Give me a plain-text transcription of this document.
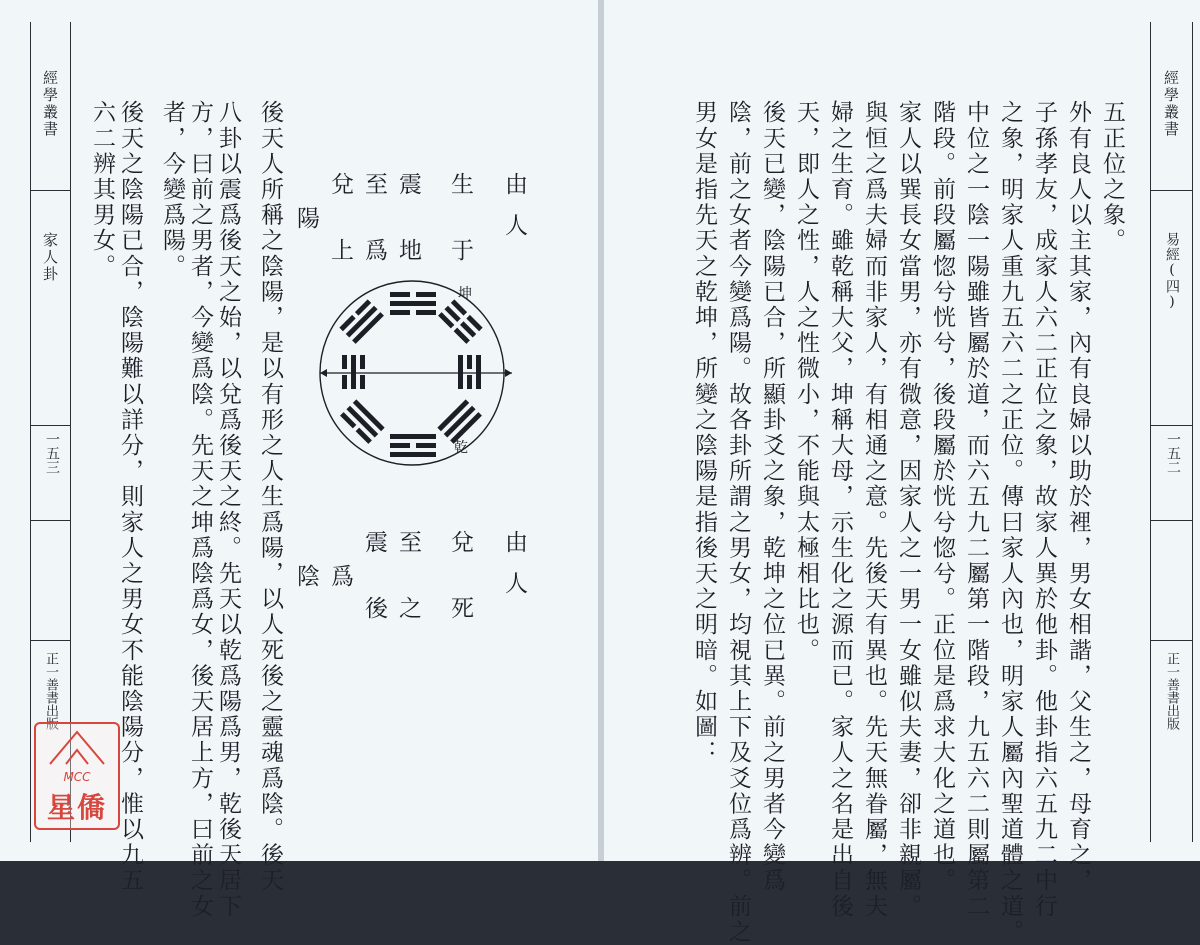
經學叢書
家人卦
一五三
正一善書出版
六二辨其男女。 後天之陰陽已合，陰陽難以詳分，則家人之男女不能陰陽分，惟以九五 者，今變爲陽。 方，曰前之男者，今變爲陰。先天之坤爲陰爲女，後天居上方，曰前之女 八卦以震爲後天之始，以兌爲後天之終。先天以乾爲陽爲男，乾後天居下 後天人所稱之陰陽，是以有形之人生爲陽，以人死後之靈魂爲陰。後天	由人
生　于
震　地
至　爲
兌　上
陽
坤
乾
由人
兌　死
至　之
震　後
爲
陰
MCC
星僑
經學叢書
易經(四)
一五二
正一善書出版
五正位之象。
外有良人以主其家，內有良婦以助於裡，男女相諧，父生之，母育之，
子孫孝友，成家人六二正位之象，故家人異於他卦。他卦指六五九二中行
之象，明家人重九五六二之正位。傳曰家人內也，明家人屬內聖道體之道。
中位之一陰一陽雖皆屬於道，而六五九二屬第一階段，九五六二則屬第二
階段。前段屬惚兮恍兮，後段屬於恍兮惚兮。正位是爲求大化之道也。
家人以巽長女當男，亦有微意，因家人之一男一女雖似夫妻，卻非親屬。
與恒之爲夫婦而非家人，有相通之意。先後天有異也。先天無眷屬，無夫
婦之生育。雖乾稱大父，坤稱大母，示生化之源而已。家人之名是出自後
天，即人之性，人之性微小，不能與太極相比也。
後天已變，陰陽已合，所顯卦爻之象，乾坤之位已異。前之男者今變爲
陰，前之女者今變爲陽。故各卦所謂之男女，均視其上下及爻位爲辨。前之
男女是指先天之乾坤，所變之陰陽是指後天之明暗。如圖：
